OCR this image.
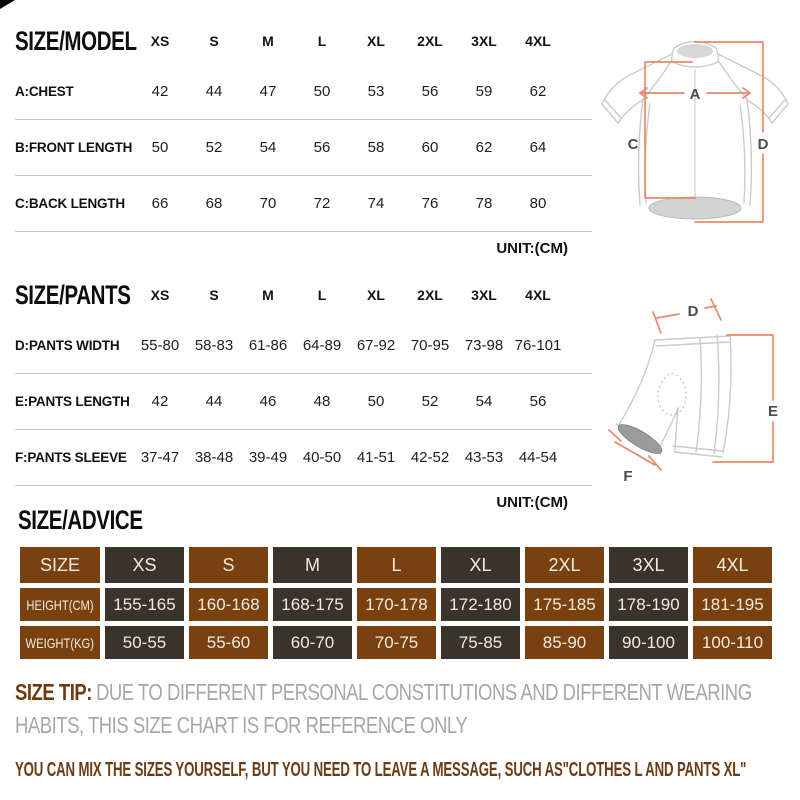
SIZE/MODEL	XS	S	M	L	XL	2XL	3XL	4XL
A:CHEST	42	44	47	50	53	56	59	62
B:FRONT LENGTH	50	52	54	56	58	60	62	64
C:BACK LENGTH	66	68	70	72	74	76	78	80
UNIT:(CM)
A
C	D
SIZE/PANTS	XS	S	M	L	XL	2XL	3XL	4XL
D:PANTS WIDTH	55-80	58-83	61-86	64-89	67-92	70-95	73-98 76-101
E:PANTS LENGTH	42	44	46	48	50	52	54	56
F:PANTS SLEEVE 37-47	38-48	39-49	40-50	41-51	42-52	43-53	44-54
UNIT:(CM)
D
E
F
SIZE/ADVICE
SIZE	XS	S	M	L	XL	2XL	3XL	4XL
HEIGHT(CM) 155-165 160-168 168-175 170-178 172-180 175-185 178-190 181-195
WEIGHT(KG) 50-55 55-60 60-70 70-75 75-85 85-90 90-100 100-110
SIZE TIP: DUE TO DIFFERENT PERSONAL CONSTITUTIONS AND DIFFERENT WEARING HABITS, THIS SIZE CHART IS FOR REFERENCE ONLY
YOU CAN MIX THE SIZES YOURSELF, BUT YOU NEED TO LEAVE A MESSAGE, SUCH AS"CLOTHES L AND PANTS XL"
